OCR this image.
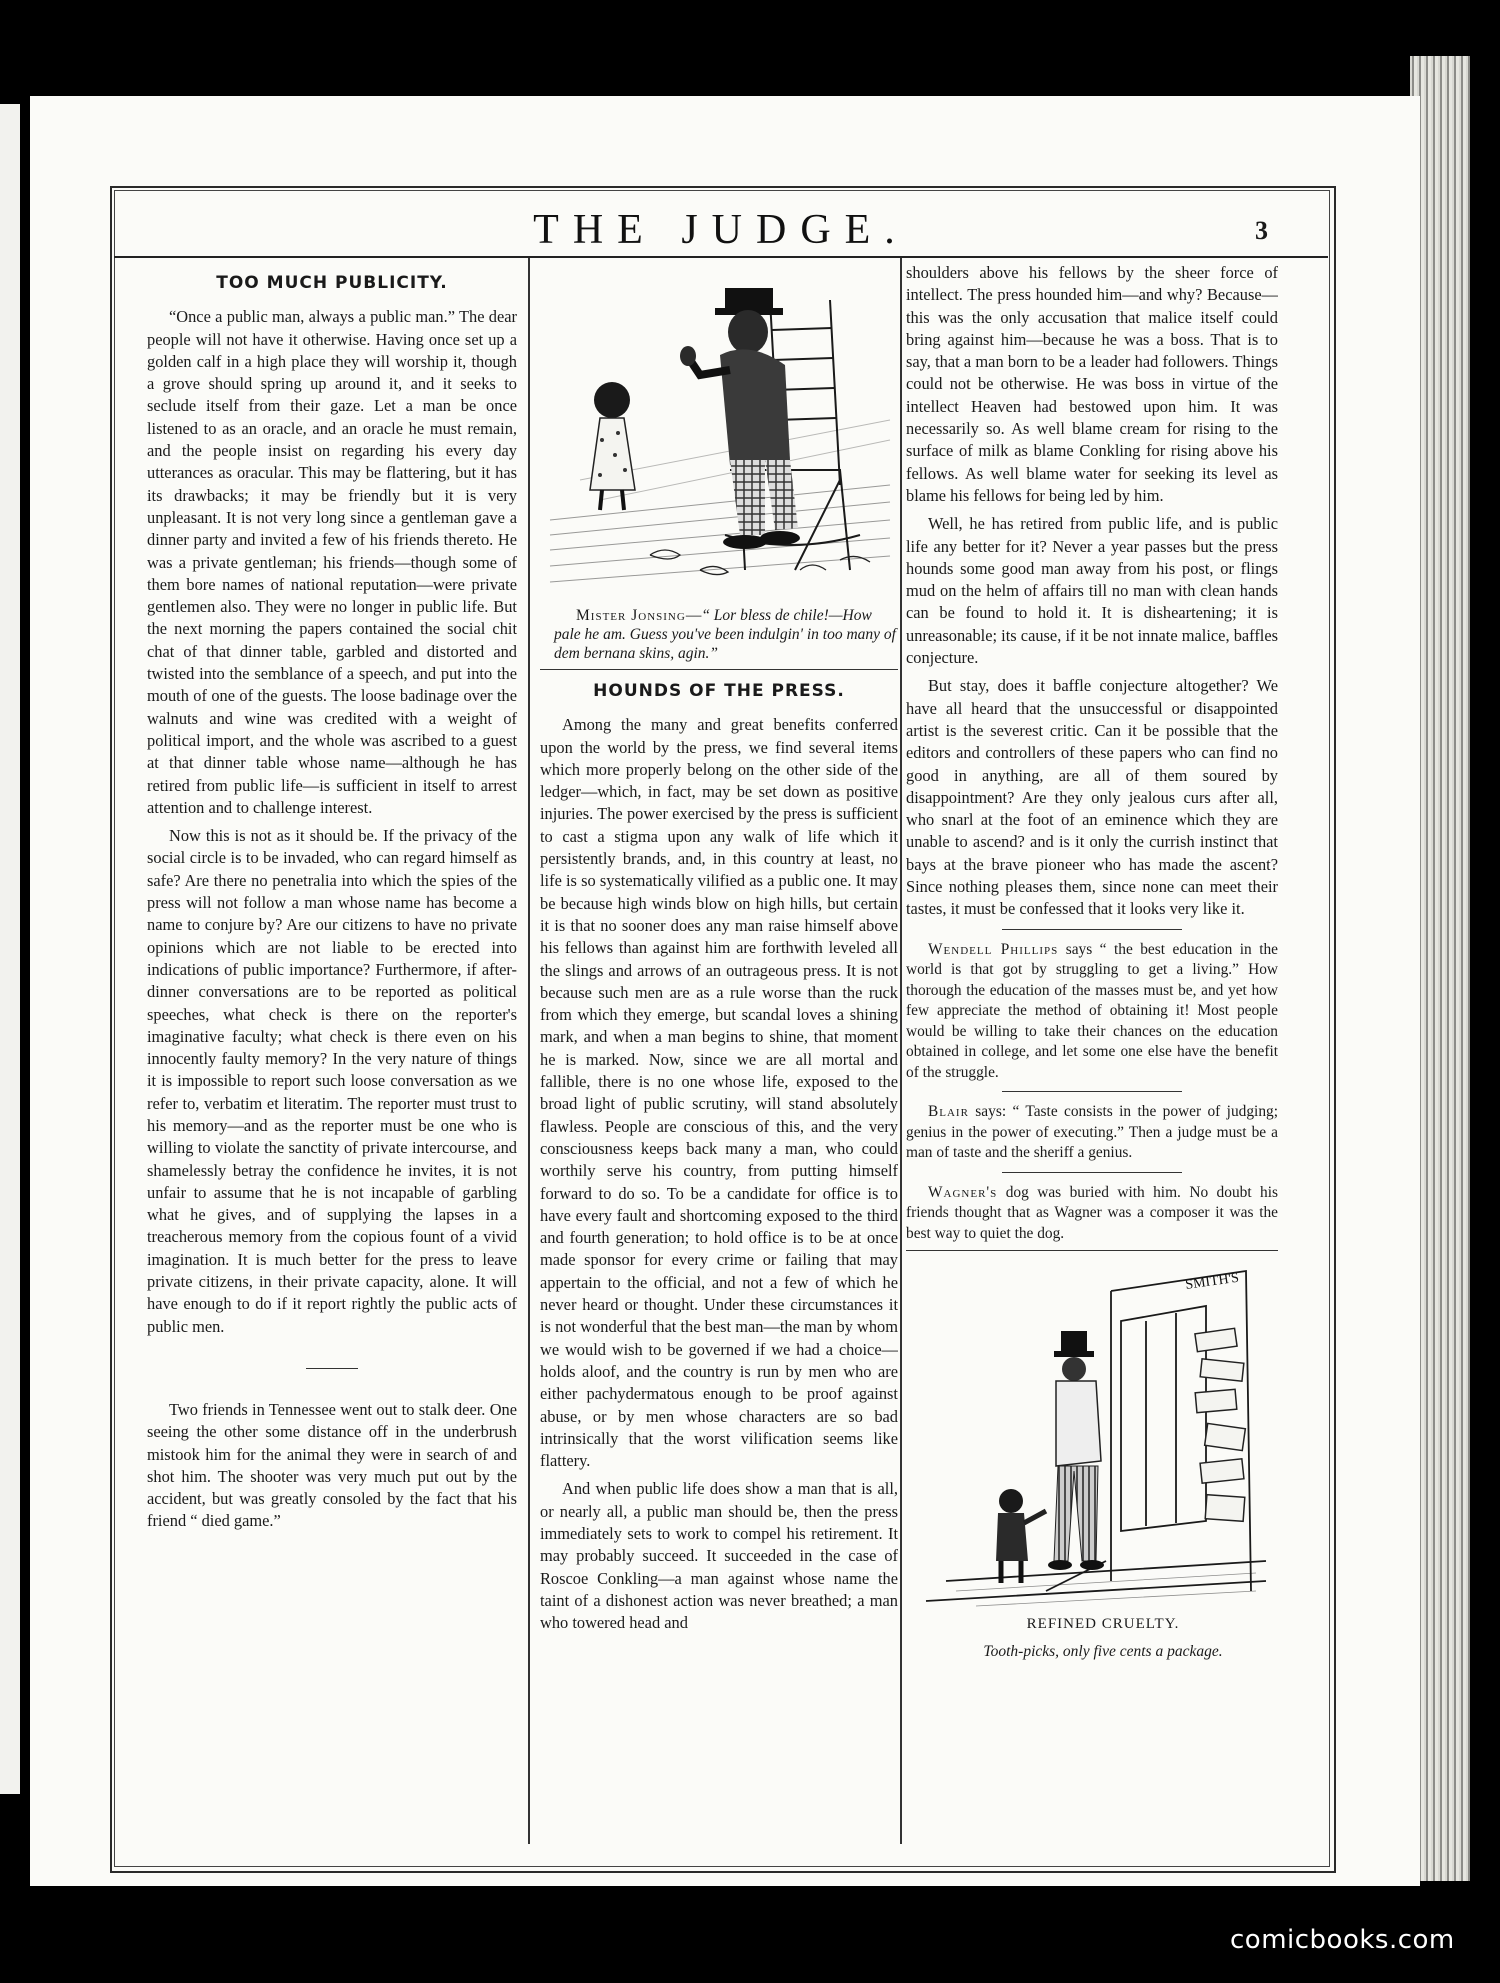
THE JUDGE.	3
TOO MUCH PUBLICITY.

“Once a public man, always a public man.” The dear people will not have it otherwise. Having once set up a golden calf in a high place they will worship it, though a grove should spring up around it, and it seeks to seclude itself from their gaze. Let a man be once listened to as an oracle, and an oracle he must remain, and the people insist on regarding his every day utterances as oracular. This may be flattering, but it has its drawbacks; it may be friendly but it is very unpleasant. It is not very long since a gentleman gave a dinner party and invited a few of his friends thereto. He was a private gentleman; his friends—though some of them bore names of national reputation—were private gentlemen also. They were no longer in public life. But the next morning the papers contained the social chit chat of that dinner table, garbled and distorted and twisted into the semblance of a speech, and put into the mouth of one of the guests. The loose badinage over the walnuts and wine was credited with a weight of political import, and the whole was ascribed to a guest at that dinner table whose name—although he has retired from public life—is sufficient in itself to arrest attention and to challenge interest.

Now this is not as it should be. If the privacy of the social circle is to be invaded, who can regard himself as safe? Are there no penetralia into which the spies of the press will not follow a man whose name has become a name to conjure by? Are our citizens to have no private opinions which are not liable to be erected into indications of public importance? Furthermore, if after-dinner conversations are to be reported as political speeches, what check is there on the reporter's imaginative faculty; what check is there even on his innocently faulty memory? In the very nature of things it is impossible to report such loose conversation as we refer to, verbatim et literatim. The reporter must trust to his memory—and as the reporter must be one who is willing to violate the sanctity of private intercourse, and shamelessly betray the confidence he invites, it is not unfair to assume that he is not incapable of garbling what he gives, and of supplying the lapses in a treacherous memory from the copious fount of a vivid imagination. It is much better for the press to leave private citizens, in their private capacity, alone. It will have enough to do if it report rightly the public acts of public men.

Two friends in Tennessee went out to stalk deer. One seeing the other some distance off in the underbrush mistook him for the animal they were in search of and shot him. The shooter was very much put out by the accident, but was greatly consoled by the fact that his friend “ died game.”

Mister Jonsing—“ Lor bless de chile!—How pale he am. Guess you've been indulgin' in too many of dem bernana skins, agin.”

HOUNDS OF THE PRESS.

Among the many and great benefits conferred upon the world by the press, we find several items which more properly belong on the other side of the ledger—which, in fact, may be set down as positive injuries. The power exercised by the press is sufficient to cast a stigma upon any walk of life which it persistently brands, and, in this country at least, no life is so systematically vilified as a public one. It may be because high winds blow on high hills, but certain it is that no sooner does any man raise himself above his fellows than against him are forthwith leveled all the slings and arrows of an outrageous press. It is not because such men are as a rule worse than the ruck from which they emerge, but scandal loves a shining mark, and when a man begins to shine, that moment he is marked. Now, since we are all mortal and fallible, there is no one whose life, exposed to the broad light of public scrutiny, will stand absolutely flawless. People are conscious of this, and the very consciousness keeps back many a man, who could worthily serve his country, from putting himself forward to do so. To be a candidate for office is to have every fault and shortcoming exposed to the third and fourth generation; to hold office is to be at once made sponsor for every crime or failing that may appertain to the official, and not a few of which he never heard or thought. Under these circumstances it is not wonderful that the best man—the man by whom we would wish to be governed if we had a choice—holds aloof, and the country is run by men who are either pachydermatous enough to be proof against abuse, or by men whose characters are so bad intrinsically that the worst vilification seems like flattery.

And when public life does show a man that is all, or nearly all, a public man should be, then the press immediately sets to work to compel his retirement. It may probably succeed. It succeeded in the case of Roscoe Conkling—a man against whose name the taint of a dishonest action was never breathed; a man who towered head and

shoulders above his fellows by the sheer force of intellect. The press hounded him—and why? Because—this was the only accusation that malice itself could bring against him—because he was a boss. That is to say, that a man born to be a leader had followers. Things could not be otherwise. He was boss in virtue of the intellect Heaven had bestowed upon him. It was necessarily so. As well blame cream for rising to the surface of milk as blame Conkling for rising above his fellows. As well blame water for seeking its level as blame his fellows for being led by him.

Well, he has retired from public life, and is public life any better for it? Never a year passes but the press hounds some good man away from his post, or flings mud on the helm of affairs till no man with clean hands can be found to hold it. It is disheartening; it is unreasonable; its cause, if it be not innate malice, baffles conjecture.

But stay, does it baffle conjecture altogether? We have all heard that the unsuccessful or disappointed artist is the severest critic. Can it be possible that the editors and controllers of these papers who can find no good in anything, are all of them soured by disappointment? Are they only jealous curs after all, who snarl at the foot of an eminence which they are unable to ascend? and is it only the currish instinct that bays at the brave pioneer who has made the ascent? Since nothing pleases them, since none can meet their tastes, it must be confessed that it looks very like it.

Wendell Phillips says “ the best education in the world is that got by struggling to get a living.” How thorough the education of the masses must be, and yet how few appreciate the method of obtaining it! Most people would be willing to take their chances on the education obtained in college, and let some one else have the benefit of the struggle.

Blair says: “ Taste consists in the power of judging; genius in the power of executing.” Then a judge must be a man of taste and the sheriff a genius.

Wagner's dog was buried with him. No doubt his friends thought that as Wagner was a composer it was the best way to quiet the dog.

SMITH'S

REFINED CRUELTY.

Tooth-picks, only five cents a package.

comicbooks.com
